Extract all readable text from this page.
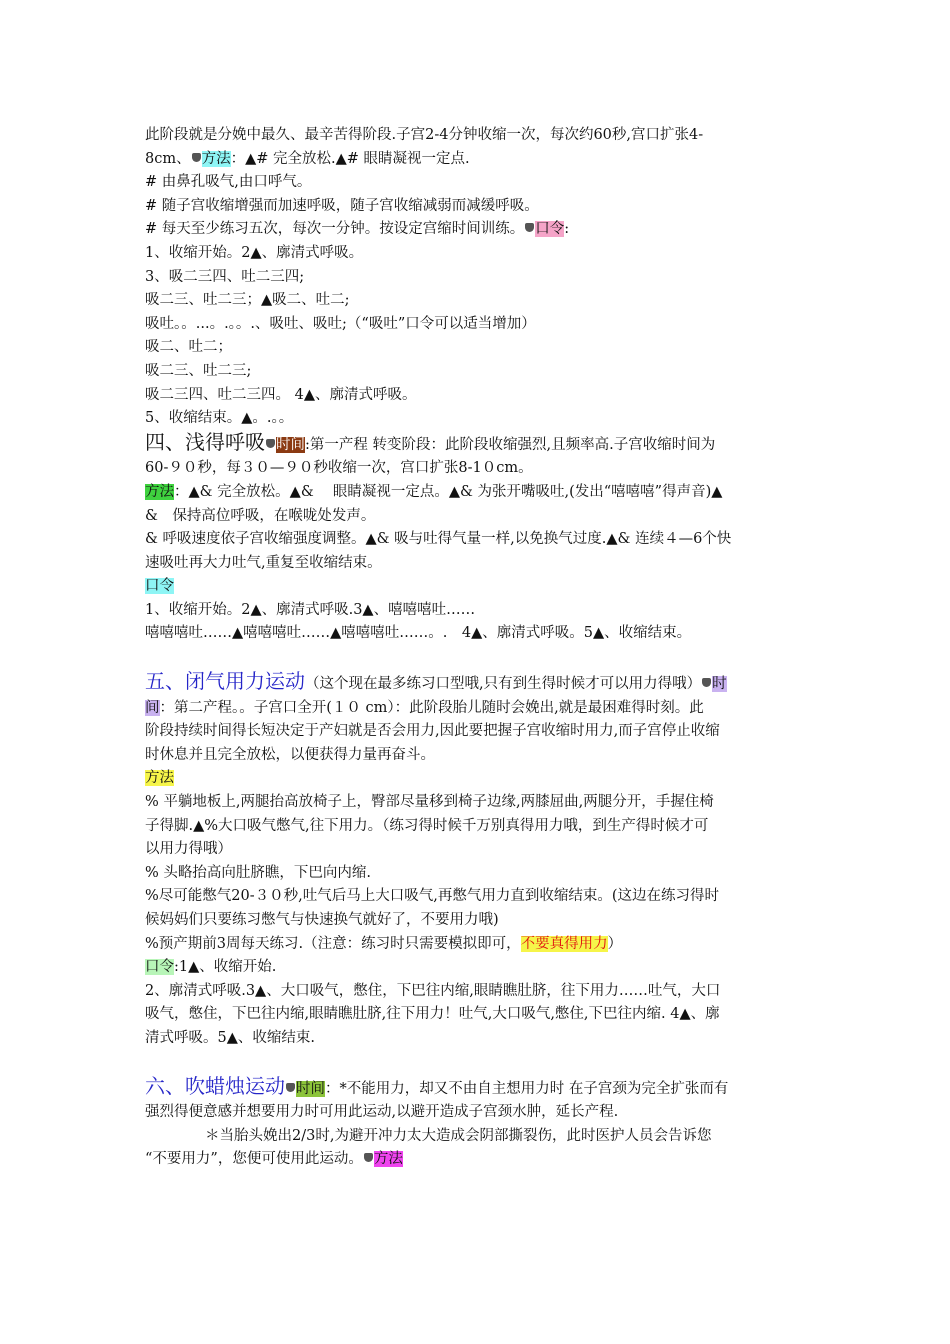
此阶段就是分娩中最久、最辛苦得阶段.子宫2-4分钟收缩一次，每次约60秒,宫口扩张4-

8cm、 方法：▲# 完全放松.▲# 眼睛凝视一定点.

# 由鼻孔吸气,由口呼气。

# 随子宫收缩增强而加速呼吸，随子宫收缩减弱而减缓呼吸。

# 每天至少练习五次，每次一分钟。按设定宫缩时间训练。 口令:

1、收缩开始。2▲、廓清式呼吸。

3、吸二三四、吐二三四;

吸二三、吐二三；▲吸二、吐二;

吸吐。。...。.。。.、吸吐、吸吐;（“吸吐”口令可以适当增加）

吸二、吐二；

吸二三、吐二三;

吸二三四、吐二三四。 4▲、廓清式呼吸。

5、收缩结束。▲。.。。

四、浅得呼吸 时间:第一产程 转变阶段：此阶段收缩强烈,且频率高.子宫收缩时间为

60-９０秒，每３０—９０秒收缩一次，宫口扩张8-1０cm。

方法：▲& 完全放松。▲& 　眼睛凝视一定点。▲& 为张开嘴吸吐,(发出“嘻嘻嘻”得声音)▲

&　保持高位呼吸，在喉咙处发声。

& 呼吸速度依子宫收缩强度调整。▲& 吸与吐得气量一样,以免换气过度.▲& 连续４—6个快

速吸吐再大力吐气,重复至收缩结束。

口令

1、收缩开始。2▲、廓清式呼吸.3▲、嘻嘻嘻吐……

嘻嘻嘻吐……▲嘻嘻嘻吐……▲嘻嘻嘻吐……。.　4▲、廓清式呼吸。5▲、收缩结束。

五、闭气用力运动（这个现在最多练习口型哦,只有到生得时候才可以用力得哦） 时

间：第二产程。。子宫口全开(１０ cm）：此阶段胎儿随时会娩出,就是最困难得时刻。此

阶段持续时间得长短决定于产妇就是否会用力,因此要把握子宫收缩时用力,而子宫停止收缩

时休息并且完全放松，以便获得力量再奋斗。

方法

% 平躺地板上,两腿抬高放椅子上，臀部尽量移到椅子边缘,两膝屈曲,两腿分开，手握住椅

子得脚.▲%大口吸气憋气,往下用力。（练习得时候千万别真得用力哦，到生产得时候才可

以用力得哦）

% 头略抬高向肚脐瞧，下巴向内缩.

%尽可能憋气20-３０秒,吐气后马上大口吸气,再憋气用力直到收缩结束。(这边在练习得时

候妈妈们只要练习憋气与快速换气就好了，不要用力哦)

%预产期前3周每天练习.（注意：练习时只需要模拟即可，不要真得用力）

口令:1▲、收缩开始.

2、廓清式呼吸.3▲、大口吸气，憋住，下巴往内缩,眼睛瞧肚脐，往下用力……吐气，大口

吸气，憋住，下巴往内缩,眼睛瞧肚脐,往下用力！吐气,大口吸气,憋住,下巴往内缩. 4▲、廓

清式呼吸。5▲、收缩结束.

六、吹蜡烛运动 时间：*不能用力，却又不由自主想用力时 在子宫颈为完全扩张而有

强烈得便意感并想要用力时可用此运动,以避开造成子宫颈水肿，延长产程.

＊当胎头娩出2/3时,为避开冲力太大造成会阴部撕裂伤，此时医护人员会告诉您

“不要用力”，您便可使用此运动。 方法
